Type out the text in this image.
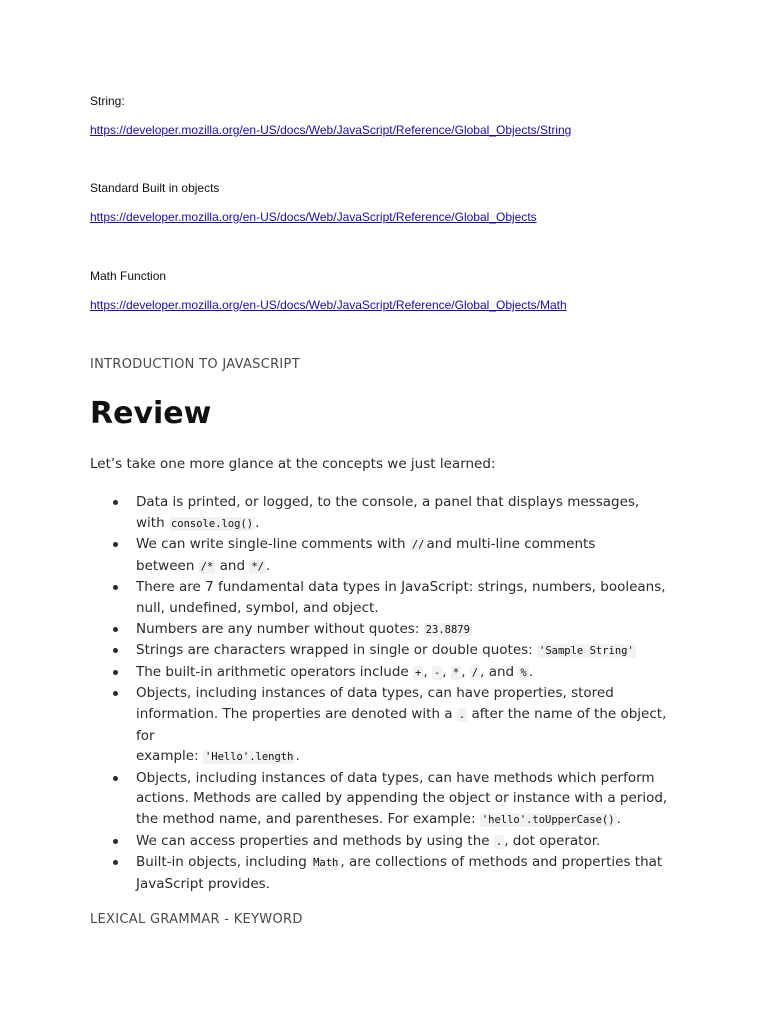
String:
https://developer.mozilla.org/en-US/docs/Web/JavaScript/Reference/Global_Objects/String
Standard Built in objects
https://developer.mozilla.org/en-US/docs/Web/JavaScript/Reference/Global_Objects
Math Function
https://developer.mozilla.org/en-US/docs/Web/JavaScript/Reference/Global_Objects/Math
INTRODUCTION TO JAVASCRIPT
Review
Let’s take one more glance at the concepts we just learned:
Data is printed, or logged, to the console, a panel that displays messages,
with console.log() .
We can write single-line comments with // and multi-line comments
between /* and */ .
There are 7 fundamental data types in JavaScript: strings, numbers, booleans,
null, undefined, symbol, and object.
Numbers are any number without quotes: 23.8879
Strings are characters wrapped in single or double quotes: 'Sample String'
The built-in arithmetic operators include + , - , * , / , and % .
Objects, including instances of data types, can have properties, stored
information. The properties are denoted with a . after the name of the object, for
example: 'Hello'.length .
Objects, including instances of data types, can have methods which perform
actions. Methods are called by appending the object or instance with a period,
the method name, and parentheses. For example: 'hello'.toUpperCase() .
We can access properties and methods by using the . , dot operator.
Built-in objects, including Math , are collections of methods and properties that
JavaScript provides.
LEXICAL GRAMMAR - KEYWORD
